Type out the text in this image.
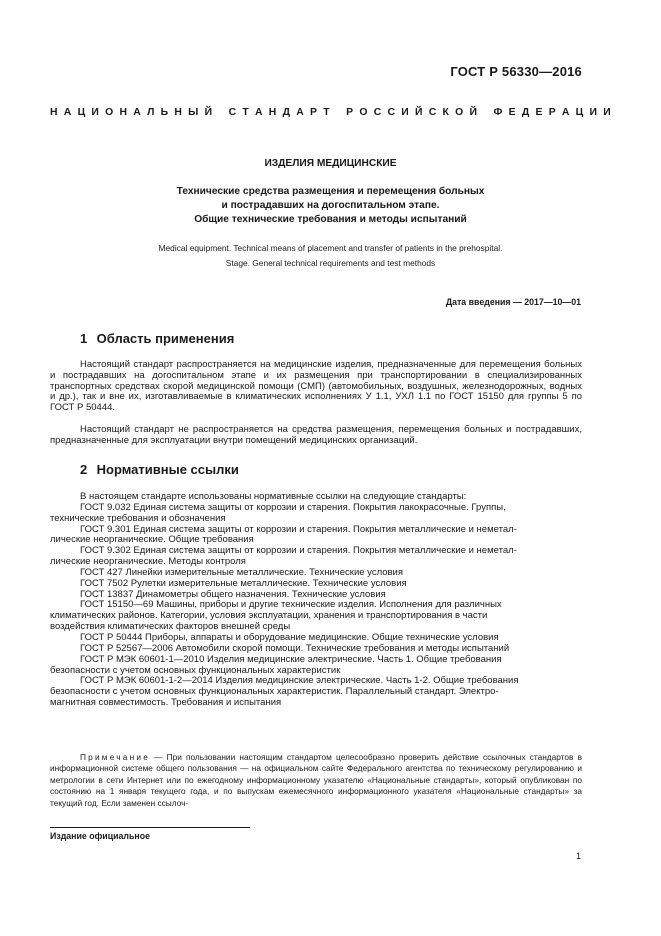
ГОСТ Р 56330—2016
Н А Ц И О Н А Л Ь Н Ы Й С Т А Н Д А Р Т Р О С С И Й С К О Й Ф Е Д Е Р А Ц И И
ИЗДЕЛИЯ МЕДИЦИНСКИЕ
Технические средства размещения и перемещения больных
и пострадавших на догоспитальном этапе.
Общие технические требования и методы испытаний
Medical equipment. Technical means of placement and transfer of patients in the prehospital.
Stage. General technical requirements and test methods
Дата введения — 2017—10—01
1 Область применения
Настоящий стандарт распространяется на медицинские изделия, предназначенные для перемещения больных и пострадавших на догоспитальном этапе и их размещения при транспортировании в специализированных транспортных средствах скорой медицинской помощи (СМП) (автомобильных, воздушных, железнодорожных, водных и др.), так и вне их, изготавливаемые в климатических исполнениях У 1.1, УХЛ 1.1 по ГОСТ 15150 для группы 5 по ГОСТ Р 50444.
Настоящий стандарт не распространяется на средства размещения, перемещения больных и пострадавших, предназначенные для эксплуатации внутри помещений медицинских организаций.
2 Нормативные ссылки
В настоящем стандарте использованы нормативные ссылки на следующие стандарты:
ГОСТ 9.032 Единая система защиты от коррозии и старения. Покрытия лакокрасочные. Группы,
технические требования и обозначения
ГОСТ 9.301 Единая система защиты от коррозии и старения. Покрытия металлические и неметал-
лические неорганические. Общие требования
ГОСТ 9.302 Единая система защиты от коррозии и старения. Покрытия металлические и неметал-
лические неорганические. Методы контроля
ГОСТ 427 Линейки измерительные металлические. Технические условия
ГОСТ 7502 Рулетки измерительные металлические. Технические условия
ГОСТ 13837 Динамометры общего назначения. Технические условия
ГОСТ 15150—69 Машины, приборы и другие технические изделия. Исполнения для различных
климатических районов. Категории, условия эксплуатации, хранения и транспортирования в части
воздействия климатических факторов внешней среды
ГОСТ Р 50444 Приборы, аппараты и оборудование медицинские. Общие технические условия
ГОСТ Р 52567—2006 Автомобили скорой помощи. Технические требования и методы испытаний
ГОСТ Р МЭК 60601-1—2010 Изделия медицинские электрические. Часть 1. Общие требования
безопасности с учетом основных функциональных характеристик
ГОСТ Р МЭК 60601-1-2—2014 Изделия медицинские электрические. Часть 1-2. Общие требования
безопасности с учетом основных функциональных характеристик. Параллельный стандарт. Электро-
магнитная совместимость. Требования и испытания
Примечание — При пользовании настоящим стандартом целесообразно проверить действие ссылочных стандартов в информационной системе общего пользования — на официальном сайте Федерального агентства по техническому регулированию и метрологии в сети Интернет или по ежегодному информационному указателю «Национальные стандарты», который опубликован по состоянию на 1 января текущего года, и по выпускам ежемесячного информационного указателя «Национальные стандарты» за текущий год. Если заменен ссылоч-
Издание официальное
1
